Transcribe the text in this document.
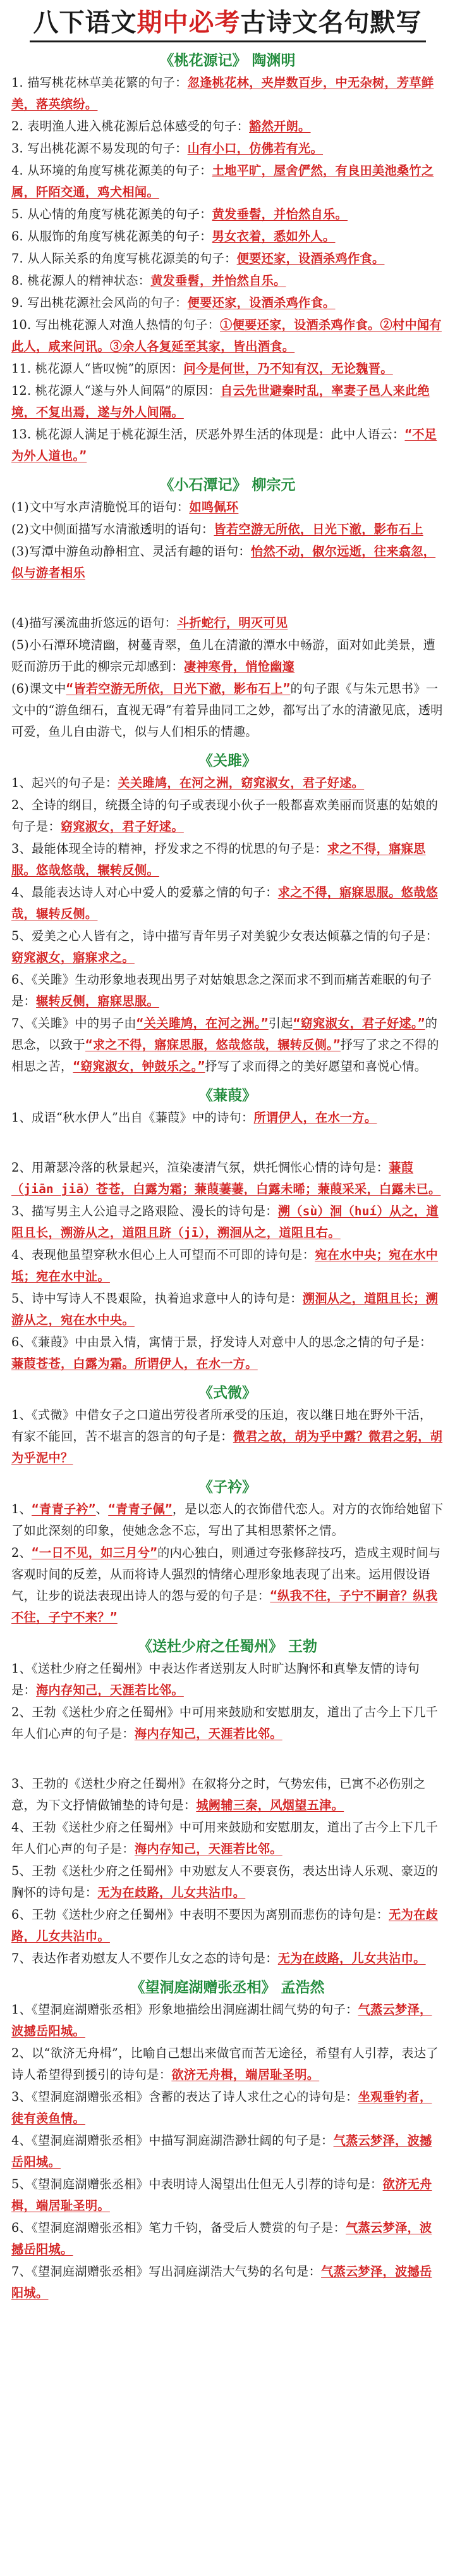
八下语文期中必考古诗文名句默写
《桃花源记》 陶渊明

1. 描写桃花林草美花繁的句子：忽逢桃花林，夹岸数百步，中无杂树，芳草鲜美，落英缤纷。

2. 表明渔人进入桃花源后总体感受的句子：豁然开朗。

3. 写出桃花源不易发现的句子：山有小口，仿佛若有光。

4. 从环境的角度写桃花源美的句子：土地平旷，屋舍俨然，有良田美池桑竹之属，阡陌交通，鸡犬相闻。

5. 从心情的角度写桃花源美的句子：黄发垂髫，并怡然自乐。

6. 从服饰的角度写桃花源美的句子：男女衣着，悉如外人。

7. 从人际关系的角度写桃花源美的句子：便要还家，设酒杀鸡作食。

8. 桃花源人的精神状态：黄发垂髫，并怡然自乐。

9. 写出桃花源社会风尚的句子：便要还家，设酒杀鸡作食。

10. 写出桃花源人对渔人热情的句子：①便要还家，设酒杀鸡作食。②村中闻有此人，咸来问讯。③余人各复延至其家，皆出酒食。

11. 桃花源人“皆叹惋”的原因：问今是何世，乃不知有汉，无论魏晋。

12. 桃花源人“遂与外人间隔”的原因：自云先世避秦时乱，率妻子邑人来此绝境，不复出焉，遂与外人间隔。

13. 桃花源人满足于桃花源生活，厌恶外界生活的体现是：此中人语云：“不足为外人道也。”

《小石潭记》 柳宗元

(1)文中写水声清脆悦耳的语句：如鸣佩环

(2)文中侧面描写水清澈透明的语句：皆若空游无所依，日光下澈，影布石上

(3)写潭中游鱼动静相宜、灵活有趣的语句：怡然不动，俶尔远逝，往来翕忽，似与游者相乐

(4)描写溪流曲折悠远的语句：斗折蛇行，明灭可见

(5)小石潭环境清幽，树蔓青翠，鱼儿在清澈的潭水中畅游，面对如此美景，遭贬而游历于此的柳宗元却感到：凄神寒骨，悄怆幽邃

(6)课文中“皆若空游无所依，日光下澈，影布石上”的句子跟《与朱元思书》一文中的“游鱼细石，直视无碍”有着异曲同工之妙，都写出了水的清澈见底，透明可爱，鱼儿自由游弋，似与人们相乐的情趣。

《关雎》

1、起兴的句子是：关关雎鸠，在河之洲，窈窕淑女，君子好逑。

2、全诗的纲目，统摄全诗的句子或表现小伙子一般都喜欢美丽而贤惠的姑娘的句子是：窈窕淑女，君子好逑。

3、最能体现全诗的精神，抒发求之不得的忧思的句子是：求之不得，寤寐思服。悠哉悠哉，辗转反侧。

4、最能表达诗人对心中爱人的爱慕之情的句子：求之不得，寤寐思服。悠哉悠哉，辗转反侧。

5、爱美之心人皆有之，诗中描写青年男子对美貌少女表达倾慕之情的句子是：窈窕淑女，寤寐求之。

6、《关雎》生动形象地表现出男子对姑娘思念之深而求不到而痛苦难眠的句子是：辗转反侧，寤寐思服。

7、《关雎》中的男子由“关关雎鸠，在河之洲。”引起“窈窕淑女，君子好逑。”的思念，以致于“求之不得，寤寐思服，悠哉悠哉，辗转反侧。”抒写了求之不得的相思之苦，“窈窕淑女，钟鼓乐之。”抒写了求而得之的美好愿望和喜悦心情。

《蒹葭》

1、成语“秋水伊人”出自《蒹葭》中的诗句：所谓伊人，在水一方。

2、用萧瑟冷落的秋景起兴，渲染凄清气氛，烘托惆怅心情的诗句是：蒹葭（jiān jiā）苍苍，白露为霜；蒹葭萋萋，白露未晞；蒹葭采采，白露未已。

3、描写男主人公追寻之路艰险、漫长的诗句是：溯（sù）洄（huí）从之，道阻且长，溯游从之，道阻且跻（jī），溯洄从之，道阻且右。

4、表现他虽望穿秋水但心上人可望而不可即的诗句是：宛在水中央；宛在水中坻；宛在水中沚。

5、诗中写诗人不畏艰险，执着追求意中人的诗句是：溯洄从之，道阻且长；溯游从之，宛在水中央。

6、《蒹葭》中由景入情，寓情于景，抒发诗人对意中人的思念之情的句子是：蒹葭苍苍，白露为霜。所谓伊人，在水一方。

《式微》

1、《式微》中借女子之口道出劳役者所承受的压迫，夜以继日地在野外干活，有家不能回，苦不堪言的怨言的句子是：微君之故，胡为乎中露？微君之躬，胡为乎泥中？

《子衿》

1、“青青子衿”、“青青子佩”，是以恋人的衣饰借代恋人。对方的衣饰给她留下了如此深刻的印象，使她念念不忘，写出了其相思萦怀之情。

2、“一日不见，如三月兮”的内心独白，则通过夸张修辞技巧，造成主观时间与客观时间的反差，从而将诗人强烈的情绪心理形象地表现了出来。运用假设语气，让步的说法表现出诗人的怨与爱的句子是：“纵我不往，子宁不嗣音？纵我不往，子宁不来？”

《送杜少府之任蜀州》 王勃

1、《送杜少府之任蜀州》中表达作者送别友人时旷达胸怀和真挚友情的诗句是：海内存知己，天涯若比邻。

2、王勃《送杜少府之任蜀州》中可用来鼓励和安慰朋友，道出了古今上下几千年人们心声的句子是：海内存知己，天涯若比邻。

3、王勃的《送杜少府之任蜀州》在叙将分之时，气势宏伟，已寓不必伤别之意，为下文抒情做铺垫的诗句是：城阙辅三秦，风烟望五津。

4、王勃《送杜少府之任蜀州》中可用来鼓励和安慰朋友，道出了古今上下几千年人们心声的句子是：海内存知己，天涯若比邻。

5、王勃《送杜少府之任蜀州》中劝慰友人不要哀伤，表达出诗人乐观、豪迈的胸怀的诗句是：无为在歧路，儿女共沾巾。

6、王勃《送杜少府之任蜀州》中表明不要因为离别而悲伤的诗句是：无为在歧路，儿女共沾巾。

7、表达作者劝慰友人不要作儿女之态的诗句是：无为在歧路，儿女共沾巾。

《望洞庭湖赠张丞相》 孟浩然

1、《望洞庭湖赠张丞相》形象地描绘出洞庭湖壮阔气势的句子：气蒸云梦泽，波撼岳阳城。

2、以“欲济无舟楫”，比喻自己想出来做官而苦无途径，希望有人引荐，表达了诗人希望得到援引的诗句是：欲济无舟楫，端居耻圣明。

3、《望洞庭湖赠张丞相》含蓄的表达了诗人求仕之心的诗句是：坐观垂钓者，徒有羡鱼情。

4、《望洞庭湖赠张丞相》中描写洞庭湖浩渺壮阔的句子是：气蒸云梦泽，波撼岳阳城。

5、《望洞庭湖赠张丞相》中表明诗人渴望出仕但无人引荐的诗句是：欲济无舟楫，端居耻圣明。

6、《望洞庭湖赠张丞相》笔力千钧，备受后人赞赏的句子是：气蒸云梦泽，波撼岳阳城。

7、《望洞庭湖赠张丞相》写出洞庭湖浩大气势的名句是：气蒸云梦泽，波撼岳阳城。
